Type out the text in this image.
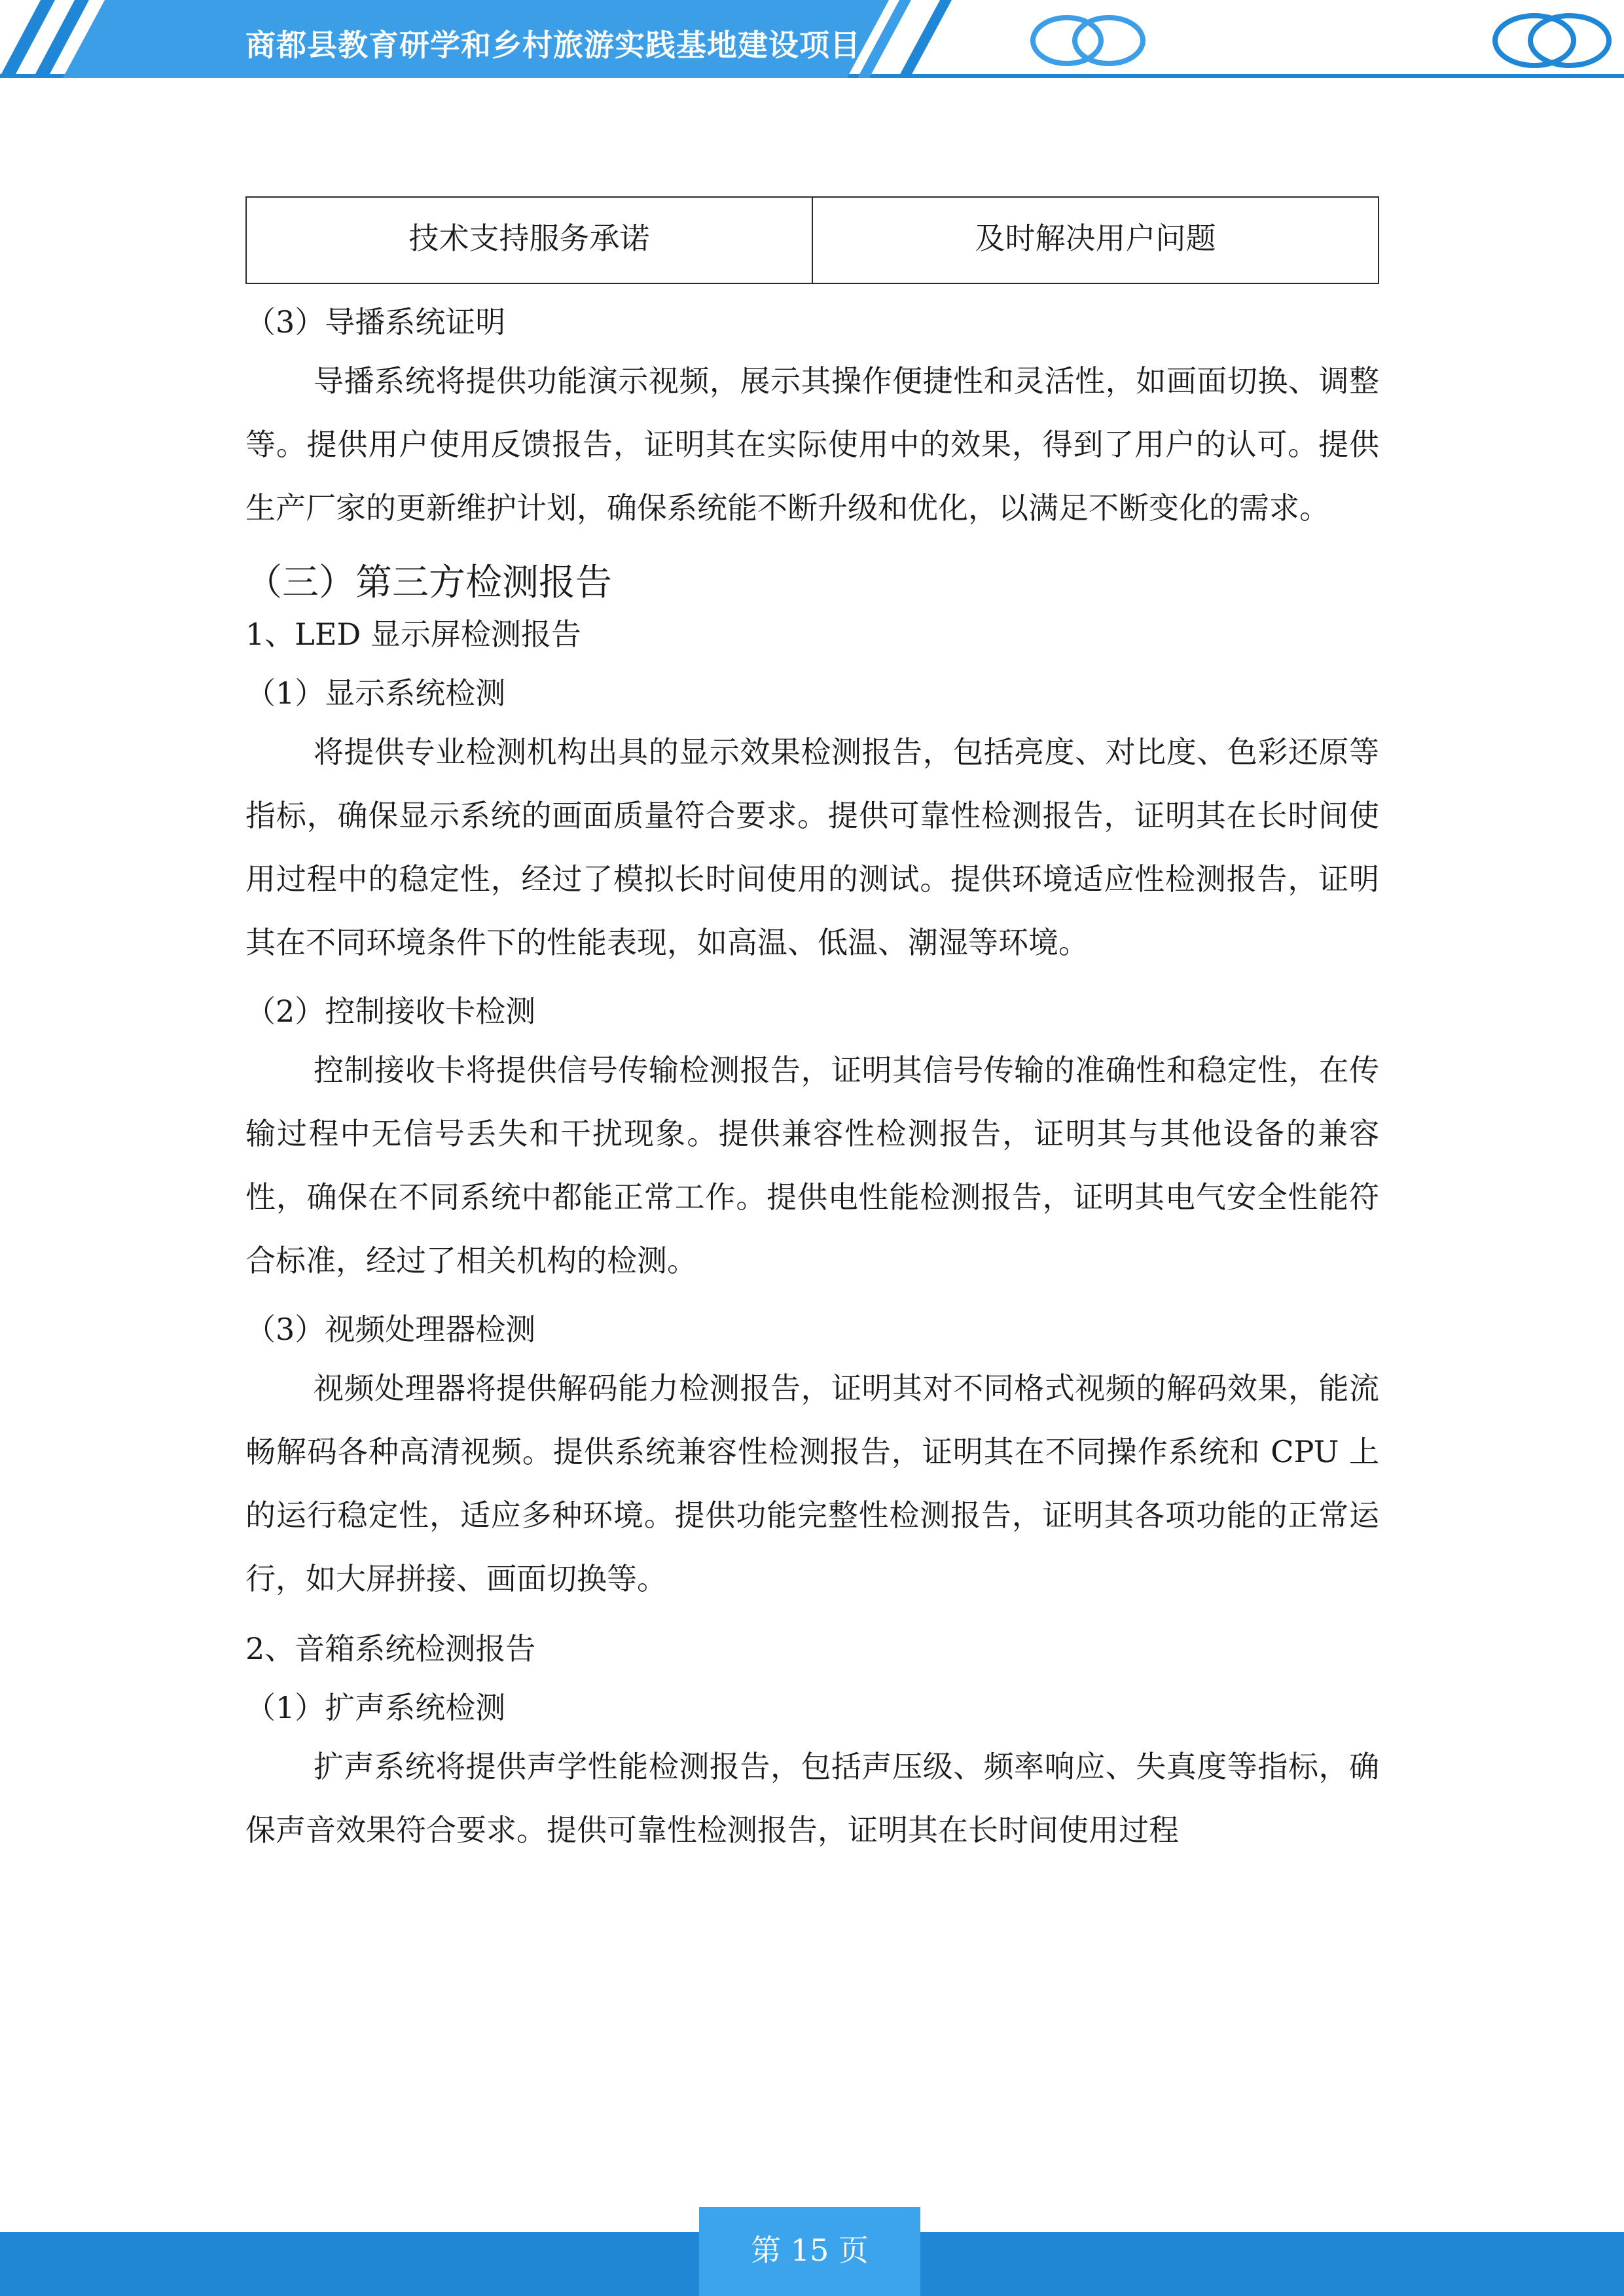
商都县教育研学和乡村旅游实践基地建设项目
技术支持服务承诺	及时解决用户问题

（3）导播系统证明

导播系统将提供功能演示视频，展示其操作便捷性和灵活性，如画面切换、调整等。提供用户使用反馈报告，证明其在实际使用中的效果，得到了用户的认可。提供生产厂家的更新维护计划，确保系统能不断升级和优化，以满足不断变化的需求。

（三）第三方检测报告

1、LED 显示屏检测报告

（1）显示系统检测

将提供专业检测机构出具的显示效果检测报告，包括亮度、对比度、色彩还原等指标，确保显示系统的画面质量符合要求。提供可靠性检测报告，证明其在长时间使用过程中的稳定性，经过了模拟长时间使用的测试。提供环境适应性检测报告，证明其在不同环境条件下的性能表现，如高温、低温、潮湿等环境。

（2）控制接收卡检测

控制接收卡将提供信号传输检测报告，证明其信号传输的准确性和稳定性，在传输过程中无信号丢失和干扰现象。提供兼容性检测报告，证明其与其他设备的兼容性，确保在不同系统中都能正常工作。提供电性能检测报告，证明其电气安全性能符合标准，经过了相关机构的检测。

（3）视频处理器检测

视频处理器将提供解码能力检测报告，证明其对不同格式视频的解码效果，能流畅解码各种高清视频。提供系统兼容性检测报告，证明其在不同操作系统和 CPU 上的运行稳定性，适应多种环境。提供功能完整性检测报告，证明其各项功能的正常运行，如大屏拼接、画面切换等。

2、音箱系统检测报告

（1）扩声系统检测

扩声系统将提供声学性能检测报告，包括声压级、频率响应、失真度等指标，确保声音效果符合要求。提供可靠性检测报告，证明其在长时间使用过程

第 15 页
